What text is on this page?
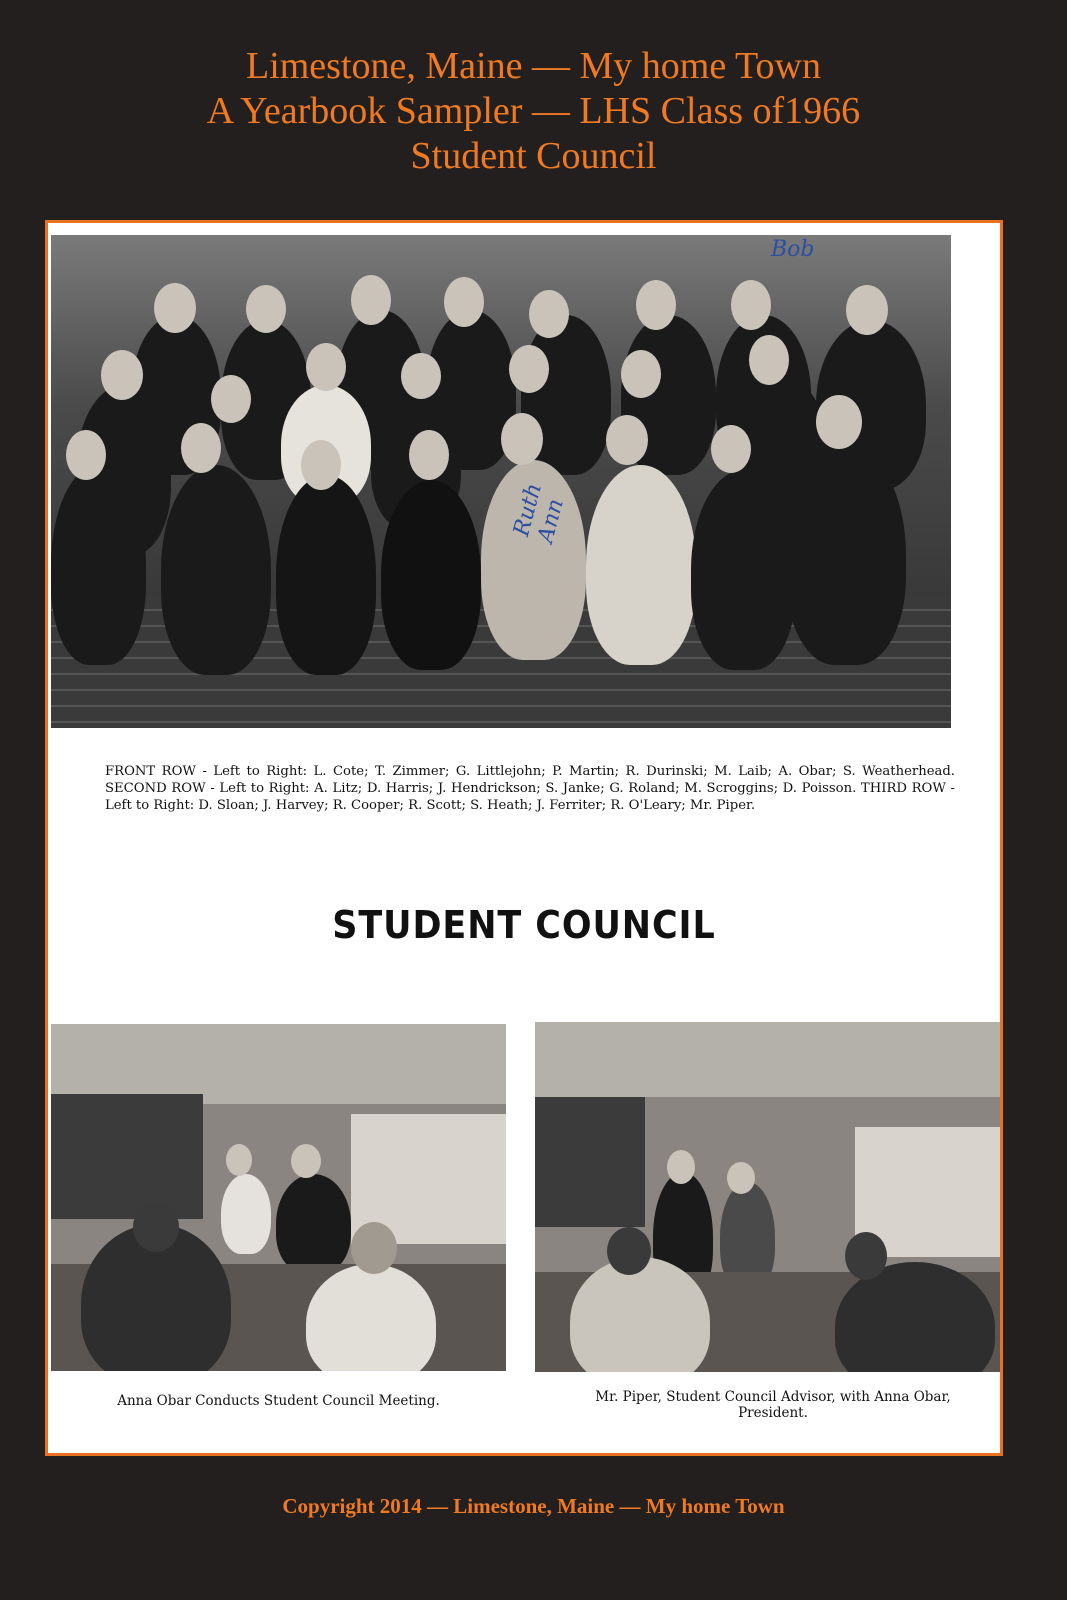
Limestone, Maine — My home Town
A Yearbook Sampler — LHS Class of1966
Student Council
Ruth Ann
Bob
FRONT ROW - Left to Right: L. Cote; T. Zimmer; G. Littlejohn; P. Martin; R. Durinski; M. Laib; A. Obar; S. Weatherhead. SECOND ROW - Left to Right: A. Litz; D. Harris; J. Hendrickson; S. Janke; G. Roland; M. Scroggins; D. Poisson. THIRD ROW - Left to Right: D. Sloan; J. Harvey; R. Cooper; R. Scott; S. Heath; J. Ferriter; R. O'Leary; Mr. Piper.
STUDENT COUNCIL
Anna Obar Conducts Student Council Meeting.	Mr. Piper, Student Council Advisor, with Anna Obar, President.
Copyright 2014 — Limestone, Maine — My home Town
